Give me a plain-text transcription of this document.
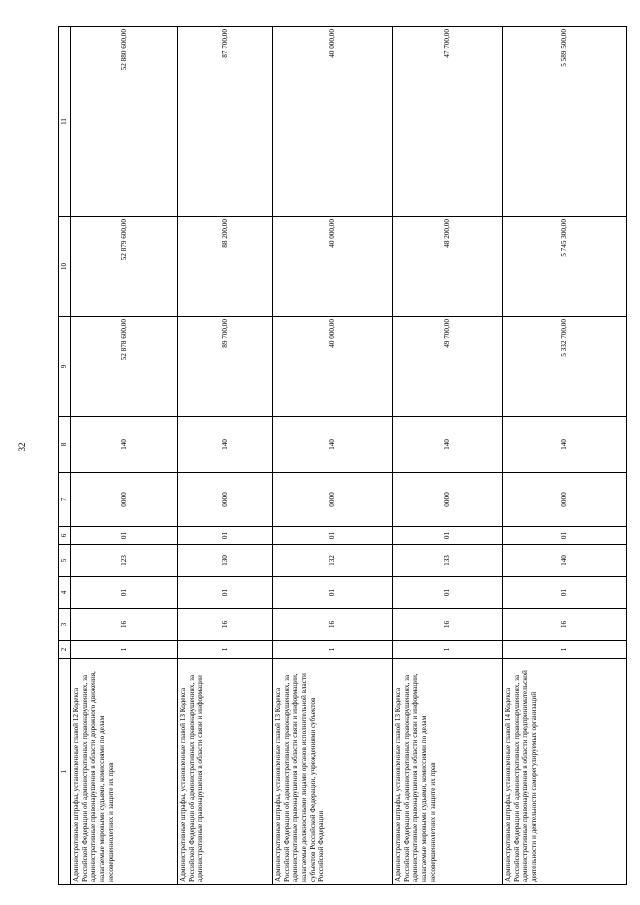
32
1	2	3	4	5	6	7	8	9	10	11
Административные штрафы, установленные главой 12 Кодекса Российской Федерации об административных правонарушениях, за административные правонарушения в области дорожного движения, налагаемые мировыми судьями, комиссиями по делам несовершеннолетних и защите их прав	1	16	01	123	01	0000	140	52 878 600,00	52 879 600,00	52 880 600,00
Административные штрафы, установленные главой 13 Кодекса Российской Федерации об административных правонарушениях, за административные правонарушения в области связи и информации	1	16	01	130	01	0000	140	89 700,00	88 200,00	87 700,00
Административные штрафы, установленные главой 13 Кодекса Российской Федерации об административных правонарушениях, за административные правонарушения в области связи и информации, налагаемые должностными лицами органов исполнительной власти субъектов Российской Федерации, учреждениями субъектов Российской Федерации	1	16	01	132	01	0000	140	40 000,00	40 000,00	40 000,00
Административные штрафы, установленные главой 13 Кодекса Российской Федерации об административных правонарушениях, за административные правонарушения в области связи и информации, налагаемые мировыми судьями, комиссиями по делам несовершеннолетних и защите их прав	1	16	01	133	01	0000	140	49 700,00	48 200,00	47 700,00
Административные штрафы, установленные главой 14 Кодекса Российской Федерации об административных правонарушениях, за административные правонарушения в области предпринимательской деятельности и деятельности саморегулируемых организаций	1	16	01	140	01	0000	140	5 332 700,00	5 745 300,00	5 589 500,00
